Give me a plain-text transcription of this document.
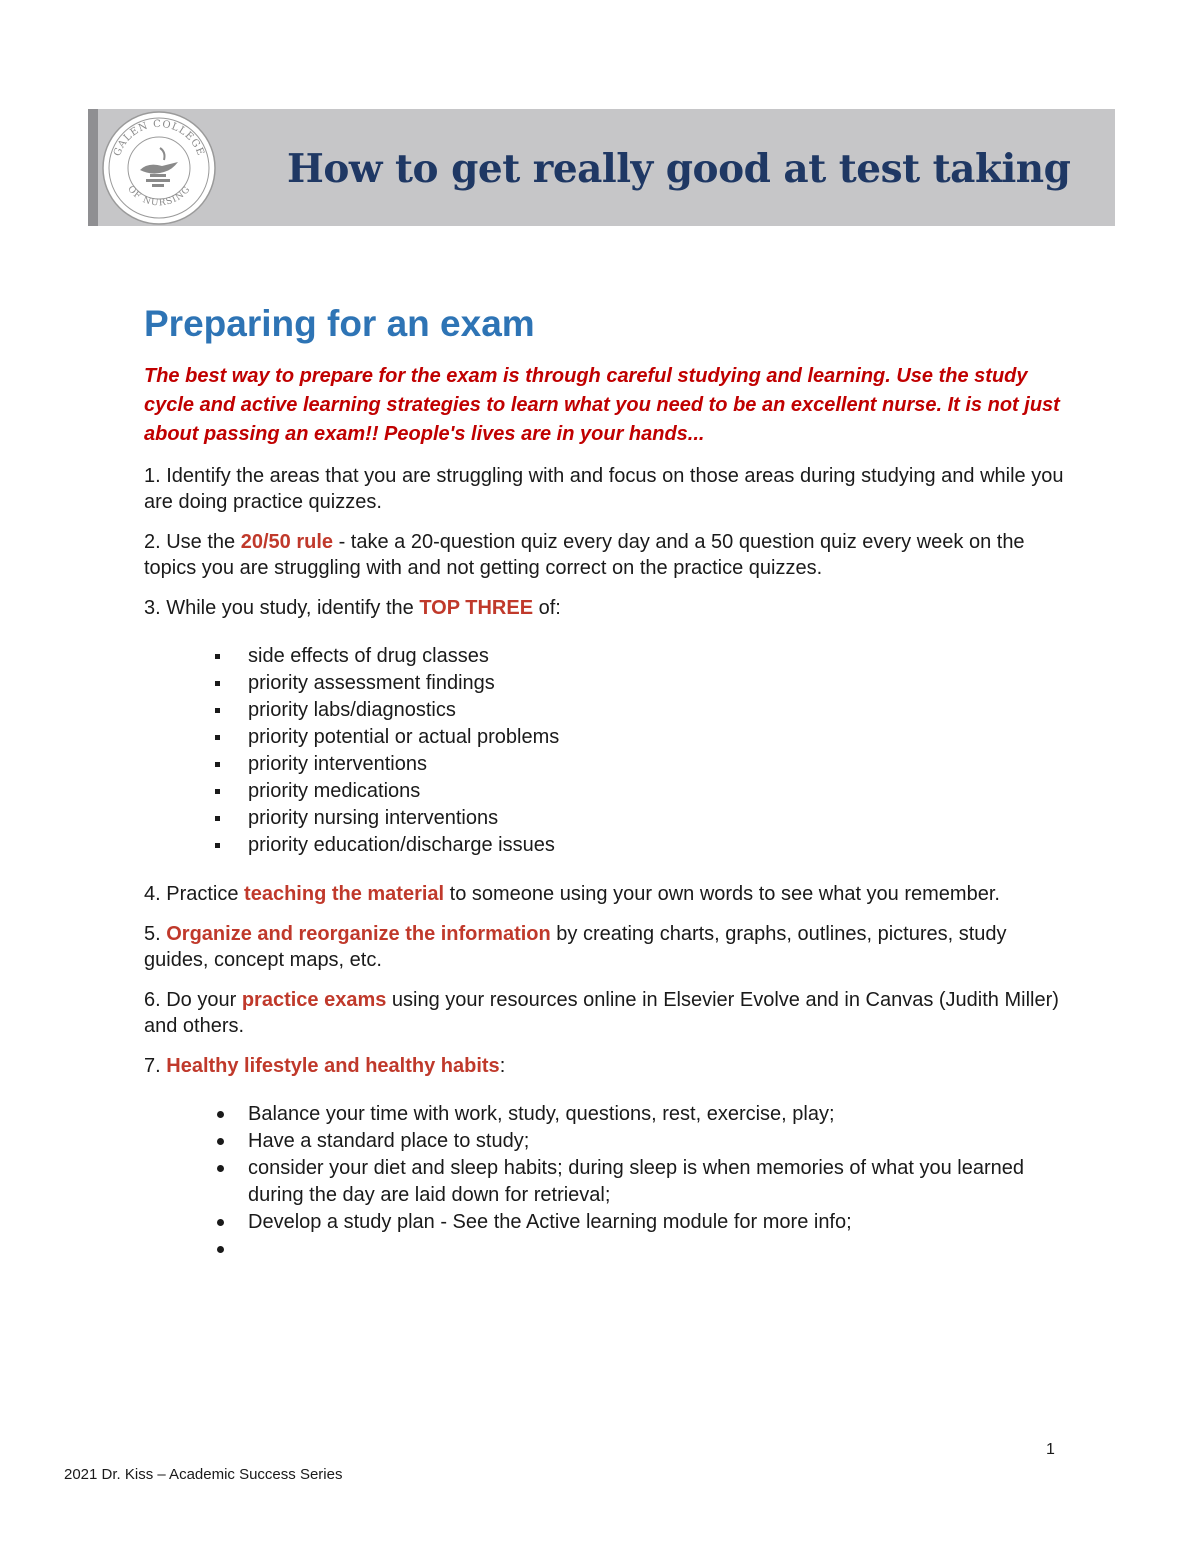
GALEN COLLEGE
OF NURSING How to get really good at test taking
Preparing for an exam

The best way to prepare for the exam is through careful studying and learning. Use the study cycle and active learning strategies to learn what you need to be an excellent nurse. It is not just about passing an exam!! People's lives are in your hands...

1. Identify the areas that you are struggling with and focus on those areas during studying and while you are doing practice quizzes.

2. Use the 20/50 rule - take a 20-question quiz every day and a 50 question quiz every week on the topics you are struggling with and not getting correct on the practice quizzes.

3. While you study, identify the TOP THREE of:

side effects of drug classes
priority assessment findings
priority labs/diagnostics
priority potential or actual problems
priority interventions
priority medications
priority nursing interventions
priority education/discharge issues

4. Practice teaching the material to someone using your own words to see what you remember.

5. Organize and reorganize the information by creating charts, graphs, outlines, pictures, study guides, concept maps, etc.

6. Do your practice exams using your resources online in Elsevier Evolve and in Canvas (Judith Miller) and others.

7. Healthy lifestyle and healthy habits:

Balance your time with work, study, questions, rest, exercise, play;
Have a standard place to study;
consider your diet and sleep habits; during sleep is when memories of what you learned during the day are laid down for retrieval;
Develop a study plan - See the Active learning module for more info;

1
2021 Dr. Kiss – Academic Success Series
